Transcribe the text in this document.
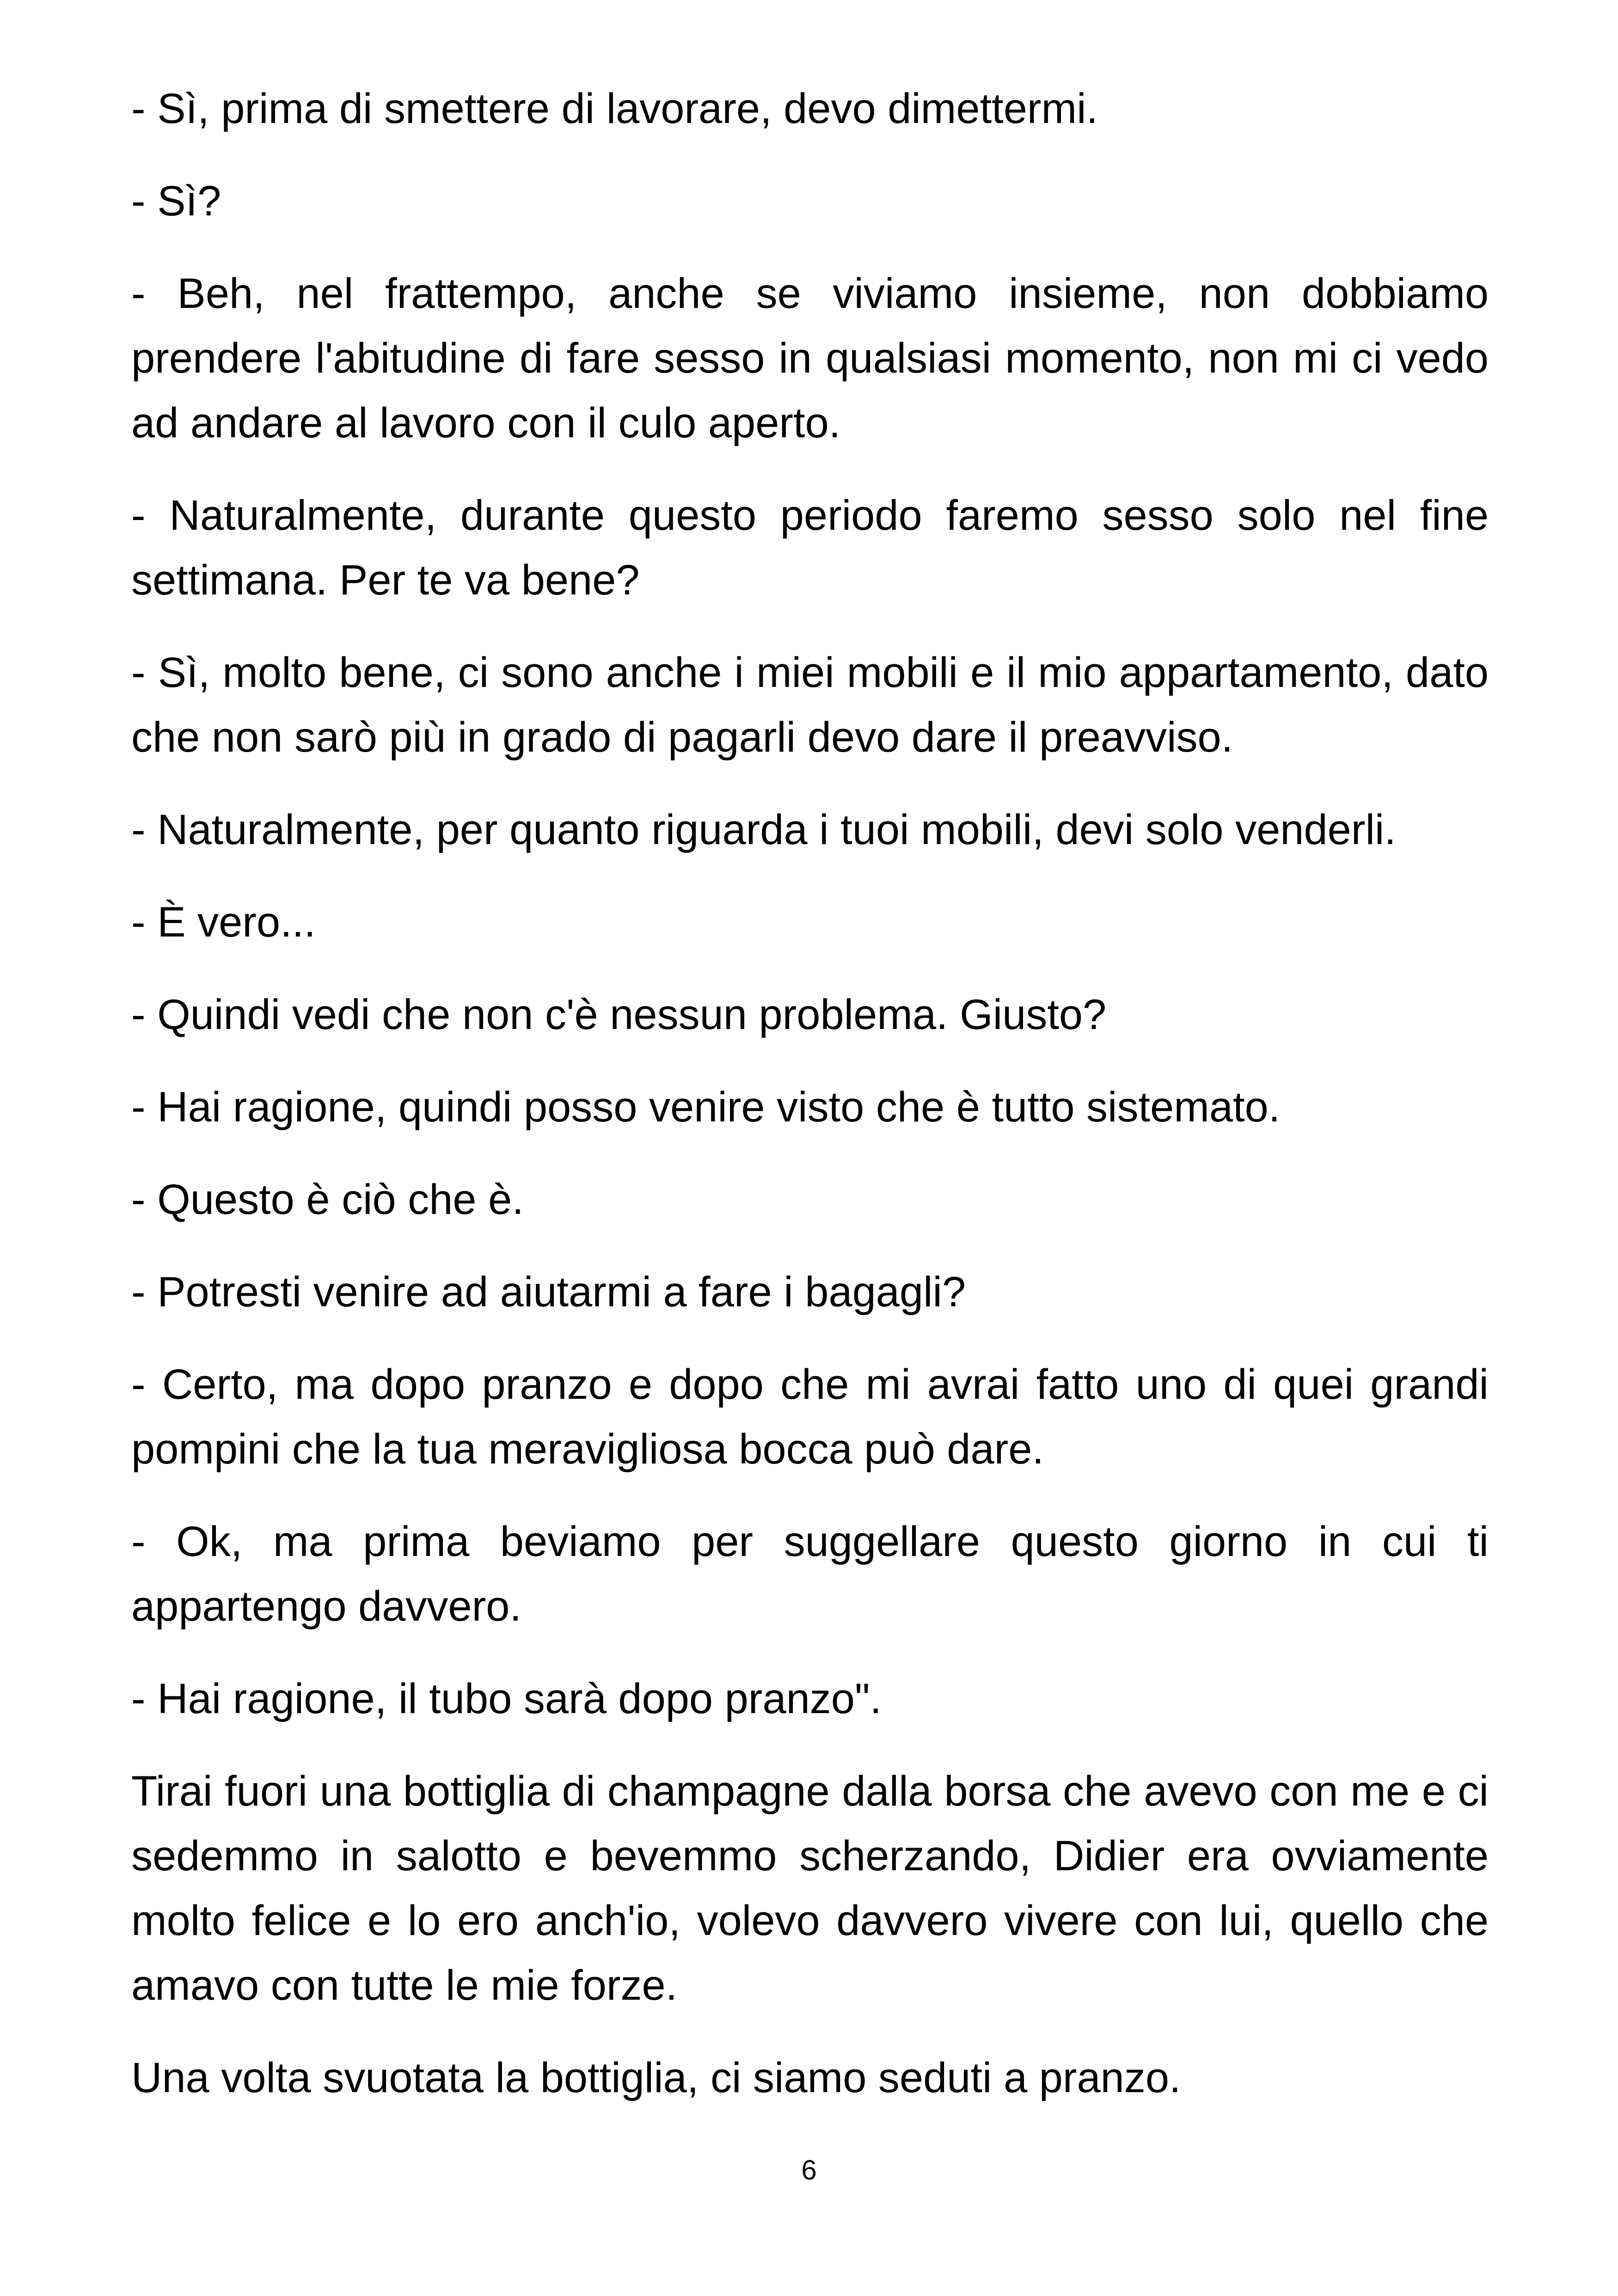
- Sì, prima di smettere di lavorare, devo dimettermi.

- Sì?

- Beh, nel frattempo, anche se viviamo insieme, non dobbiamo prendere l'abitudine di fare sesso in qualsiasi momento, non mi ci vedo ad andare al lavoro con il culo aperto.

- Naturalmente, durante questo periodo faremo sesso solo nel fine settimana. Per te va bene?

- Sì, molto bene, ci sono anche i miei mobili e il mio appartamento, dato che non sarò più in grado di pagarli devo dare il preavviso.

- Naturalmente, per quanto riguarda i tuoi mobili, devi solo venderli.

- È vero...

- Quindi vedi che non c'è nessun problema. Giusto?

- Hai ragione, quindi posso venire visto che è tutto sistemato.

- Questo è ciò che è.

- Potresti venire ad aiutarmi a fare i bagagli?

- Certo, ma dopo pranzo e dopo che mi avrai fatto uno di quei grandi pompini che la tua meravigliosa bocca può dare.

- Ok, ma prima beviamo per suggellare questo giorno in cui ti appartengo davvero.

- Hai ragione, il tubo sarà dopo pranzo".

Tirai fuori una bottiglia di champagne dalla borsa che avevo con me e ci sedemmo in salotto e bevemmo scherzando, Didier era ovviamente molto felice e lo ero anch'io, volevo davvero vivere con lui, quello che amavo con tutte le mie forze.

Una volta svuotata la bottiglia, ci siamo seduti a pranzo.

6
